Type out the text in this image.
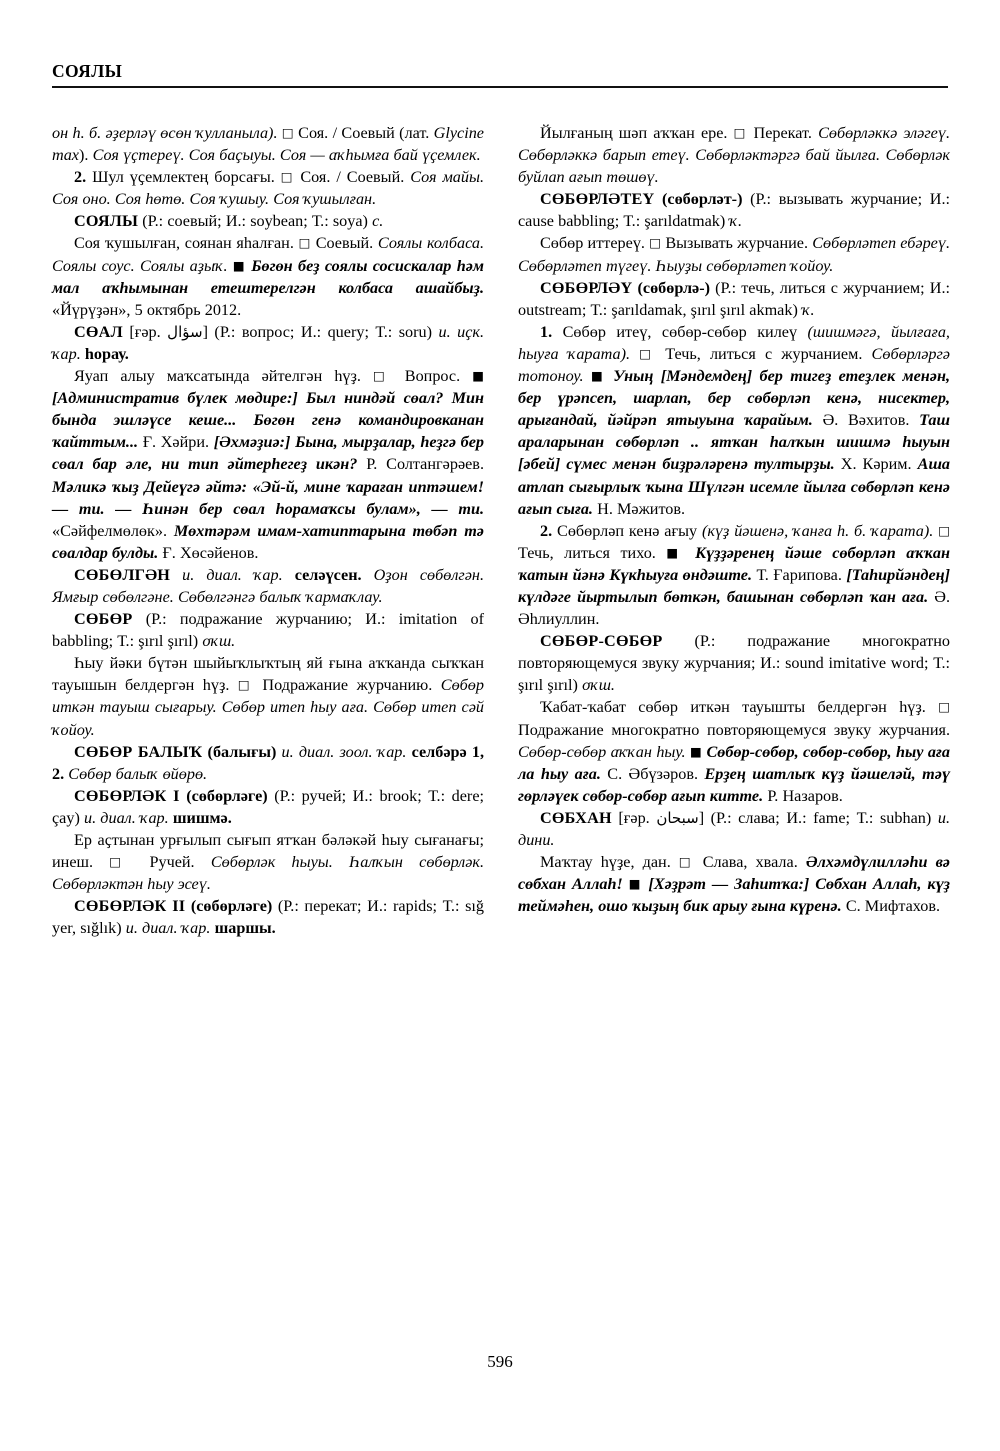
СОЯЛЫ

он һ. б. әҙерләү өсөн ҡулланыла). □ Соя. / Соевый (лат. Glycine max). Соя үҫтереү. Соя баҫыуы. Соя — аҡһымға бай үҫемлек.

2. Шул үҫемлектең борсағы. □ Соя. / Соевый. Соя майы. Соя оно. Соя һөтө. Соя ҡушыу. Соя ҡушылған.

СОЯЛЫ (Р.: соевый; И.: soybean; Т.: soya) с.

Соя ҡушылған, соянан яһалған. □ Соевый. Соялы колбаса. Соялы соус. Соялы аҙыҡ. ■ Бөгөн беҙ соялы сосискалар һәм мал аҡһымынан етештерелгән колбаса ашайбыҙ. «Йүрүҙән», 5 октябрь 2012.

СӨАЛ [ғәр. سؤال] (Р.: вопрос; И.: query; Т.: soru) и. иҫк. ҡар. һорау.

Яуап алыу маҡсатында әйтелгән һүҙ. □ Вопрос. ■ [Административ бүлек мөдире:] Был ниндәй сөал? Мин бында эшләүсе кеше... Бөгөн генә командировканан ҡайттым... Ғ. Хәйри. [Әхмәҙиә:] Бына, мырҙалар, һеҙгә бер сөал бар әле, ни тип әйтерһегеҙ икән? Р. Солтангәрәев. Мәликә ҡыҙ Дейеүгә әйтә: «Эй-й, мине ҡараған иптәшем! — ти. — Һинән бер сөал һорамаҡсы булам», — ти. «Сәйфелмөлөк». Мөхтәрәм имам-хатиптарына төбәп тә сөалдар булды. Ғ. Хөсәйенов.

СӨБӨЛГӘН и. диал. ҡар. селәүсен. Оҙон сөбөлгән. Ямғыр сөбөлгәне. Сөбөлгәнгә балыҡ ҡармаҡлау.

СӨБӨР (Р.: подражание журчанию; И.: imitation of babbling; Т.: şırıl şırıl) оҡш.

Һыу йәки бүтән шыйыҡлыҡтың яй ғына аҡҡанда сыҡҡан тауышын белдергән һүҙ. □ Подражание журчанию. Сөбөр иткән тауыш сығарыу. Сөбөр итеп һыу ағa. Сөбөр итеп сәй ҡойоу.

СӨБӨР БАЛЫҠ (балығы) и. диал. зоол. ҡар. селбәрә 1, 2. Сөбөр балыҡ өйөрө.

СӨБӨРЛӘК I (сөбөрләге) (Р.: ручей; И.: brook; Т.: dere; çay) и. диал. ҡар. шишмә.

Ер аҫтынан урғылып сығып ятҡан бәләкәй һыу сығанағы; инеш. □ Ручей. Сөбөрләк һыуы. Һалҡын сөбөрләк. Сөбөрләктән һыу эсеү.

СӨБӨРЛӘК II (сөбөрләге) (Р.: перекат; И.: rapids; Т.: sığ yer, sığlık) и. диал. ҡар. шаршы.

Йылғаның шәп аҡҡан ере. □ Перекат. Сөбөрләккә эләгеү. Сөбөрләккә барып етеү. Сөбөрләктәргә бай йылға. Сөбөрләк буйлап ағып төшөү.

СӨБӨРЛӘТЕҮ (сөбөрләт-) (Р.: вызывать журчание; И.: cause babbling; Т.: şarıldatmak) ҡ.

Сөбөр иттереү. □ Вызывать журчание. Сөбөрләтеп ебәреү. Сөбөрләтеп түгеү. Һыуҙы сөбөрләтеп ҡойоу.

СӨБӨРЛӘҮ (сөбөрлә-) (Р.: течь, литься с журчанием; И.: outstream; Т.: şarıldamak, şırıl şırıl akmak) ҡ.

1. Сөбөр итеү, сөбөр-сөбөр килеү (шишмәгә, йылғаға, һыуға ҡарата). □ Течь, литься с журчанием. Сөбөрләргә тотоноу. ■ Уның [Мәндемдең] бер тигеҙ етеҙлек менән, бер үрәпсеп, шарлап, бер сөбөрләп кенә, нисектер, арығандай, йәйрәп ятыуына ҡарайым. Ә. Вәхитов. Таш араларынан сөбөрләп .. ятҡан һалҡын шишмә һыуын [әбей] сүмес менән биҙрәләренә тултырҙы. Х. Кәрим. Аша атлап сығырлыҡ ҡына Шүлгән исемле йылға сөбөрләп кенә ағып сыға. Н. Мәжитов.

2. Сөбөрләп кенә ағыу (күҙ йәшенә, ҡанға һ. б. ҡарата). □ Течь, литься тихо. ■ Күҙҙәренең йәше сөбөрләп аҡҡан ҡатын йәнә Күкһыуға өндәште. Т. Ғарипова. [Таһирйәндең] күлдәге йыртылып бөткән, башынан сөбөрләп ҡан ағa. Ә. Әһлиуллин.

СӨБӨР-СӨБӨР (Р.: подражание многократно повторяющемуся звуку журчания; И.: sound imitative word; Т.: şırıl şırıl) оҡш.

Ҡабат-ҡабат сөбөр иткән тауышты белдергән һүҙ. □ Подражание многократно повторяющемуся звуку журчания. Сөбөр-сөбөр аҡҡан һыу. ■ Сөбөр-сөбөр, сөбөр-сөбөр, һыу ағa ла һыу ағa. С. Әбүзәров. Ерҙең шатлыҡ күҙ йәшеләй, тәү гөрләүек сөбөр-сөбөр ағып китте. Р. Назаров.

СӨБХАН [ғәр. سبحان] (Р.: слава; И.: fame; Т.: subhan) и. дини.

Маҡтау һүҙе, дан. □ Слава, хвала. Әлхәмдүлилләһи вә сөбхан Аллаһ! ■ [Хәҙрәт — Заһитҡа:] Сөбхан Аллаһ, күҙ теймәһен, ошо ҡыҙың бик арыу ғына күренә. С. Мифтахов.

596
